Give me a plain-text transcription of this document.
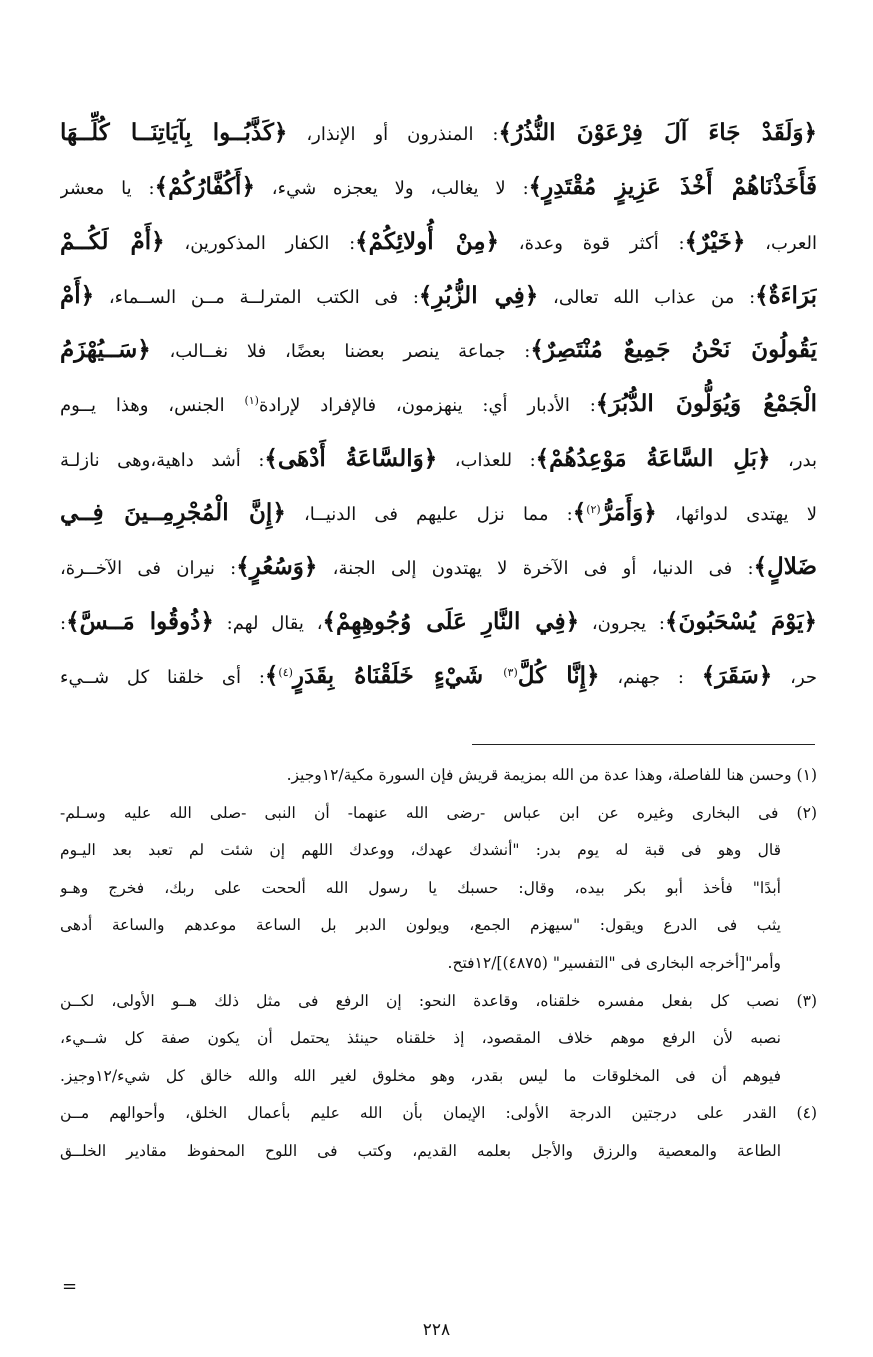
﴿وَلَقَدْ جَاءَ آلَ فِرْعَوْنَ النُّذُرُ﴾: المنذرون أو الإنذار، ﴿كَذَّبُــوا بِآيَاتِنَــا كُلِّــهَا
فَأَخَذْنَاهُمْ أَخْذَ عَزِيزٍ مُقْتَدِرٍ﴾: لا يغالب، ولا يعجزه شيء، ﴿أَكُفَّارُكُمْ﴾: يا معشر
العرب، ﴿خَيْرٌ﴾: أكثر قوة وعدة، ﴿مِنْ أُولائِكُمْ﴾: الكفار المذكورين، ﴿أَمْ لَكُــمْ
بَرَاءَةٌ﴾: من عذاب الله تعالى، ﴿فِي الزُّبُرِ﴾: فى الكتب المترلــة مــن الســماء، ﴿أَمْ
يَقُولُونَ نَحْنُ جَمِيعٌ مُنْتَصِرٌ﴾: جماعة ينصر بعضنا بعضًا، فلا نغــالب، ﴿سَــيُهْزَمُ
الْجَمْعُ وَيُوَلُّونَ الدُّبُرَ﴾: الأدبار أي: ينهزمون، فالإفراد لإرادة$^{(١)}$ الجنس، وهذا يــوم
بدر، ﴿بَلِ السَّاعَةُ مَوْعِدُهُمْ﴾: للعذاب، ﴿وَالسَّاعَةُ أَدْهَى﴾: أشد داهية،وهى نازلـة
لا يهتدى لدوائها، ﴿وَأَمَرُّ$^{(٢)}$﴾: مما نزل عليهم فى الدنيــا، ﴿إِنَّ الْمُجْرِمِــينَ فِــي
ضَلالٍ﴾: فى الدنيا، أو فى الآخرة لا يهتدون إلى الجنة، ﴿وَسُعُرٍ﴾: نيران فى الآخــرة،
﴿يَوْمَ يُسْحَبُونَ﴾: يجرون، ﴿فِي النَّارِ عَلَى وُجُوهِهِمْ﴾، يقال لهم: ﴿ذُوقُوا مَــسَّ﴾:
حر، ﴿سَقَرَ﴾ : جهنم، ﴿إِنَّا كُلَّ$^{(٣)}$ شَيْءٍ خَلَقْنَاهُ بِقَدَرٍ$^{(٤)}$﴾: أى خلقنا كل شــيء
(١) وحسن هنا للفاصلة، وهذا عدة من الله بمزيمة قريش فإن السورة مكية/١٢وجيز.
(٢) فى البخارى وغيره عن ابن عباس -رضى الله عنهما- أن النبى -صلى الله عليه وسـلم-
قال وهو فى قبة له يوم بدر: "أنشدك عهدك، ووعدك اللهم إن شئت لم تعبد بعد اليـوم
أبدًا" فأخذ أبو بكر بيده، وقال: حسبك يا رسول الله ألححت على ربك، فخرج وهـو
يثب فى الدرع ويقول: "سيهزم الجمع، ويولون الدبر بل الساعة موعدهم والساعة أدهى
وأمر"[أخرجه البخارى فى "التفسير" (٤٨٧٥)]/١٢فتح.
(٣) نصب كل بفعل مفسره خلقناه، وقاعدة النحو: إن الرفع فى مثل ذلك هــو الأولى، لكــن
نصبه لأن الرفع موهم خلاف المقصود، إذ خلقناه حينئذ يحتمل أن يكون صفة كل شــيء،
فيوهم أن فى المخلوقات ما ليس بقدر، وهو مخلوق لغير الله والله خالق كل شيء/١٢وجيز.
(٤) القدر على درجتين الدرجة الأولى: الإيمان بأن الله عليم بأعمال الخلق، وأحوالهم مــن
الطاعة والمعصية والرزق والأجل بعلمه القديم، وكتب فى اللوح المحفوظ مقادير الخلــق
=
٢٢٨
